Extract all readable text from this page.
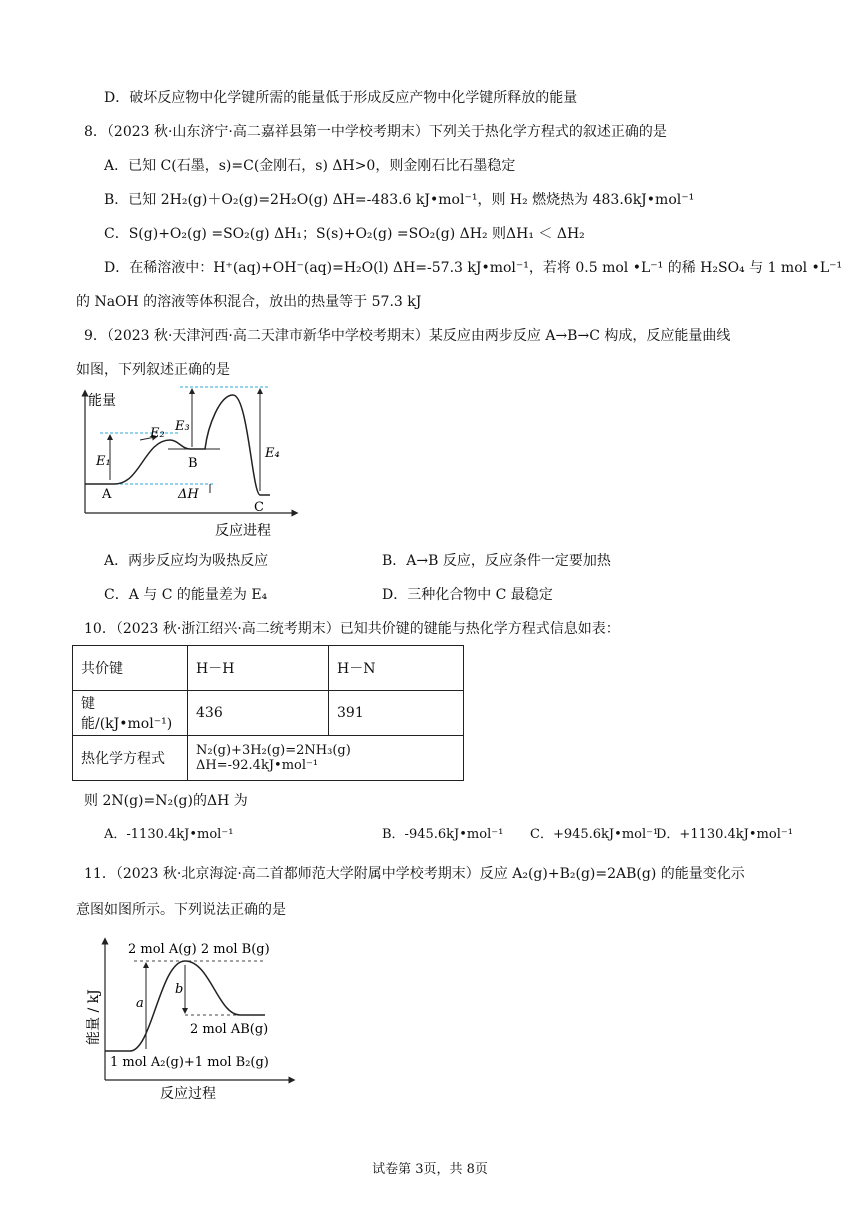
D．破坏反应物中化学键所需的能量低于形成反应产物中化学键所释放的能量
8．（2023 秋·山东济宁·高二嘉祥县第一中学校考期末）下列关于热化学方程式的叙述正确的是
A．已知 C(石墨，s)=C(金刚石，s) ΔH>0，则金刚石比石墨稳定
B．已知 2H₂(g)＋O₂(g)=2H₂O(g) ΔH=-483.6 kJ•mol⁻¹，则 H₂ 燃烧热为 483.6kJ•mol⁻¹
C．S(g)+O₂(g) =SO₂(g) ΔH₁；S(s)+O₂(g) =SO₂(g) ΔH₂ 则ΔH₁ ＜ ΔH₂
D．在稀溶液中：H⁺(aq)+OH⁻(aq)=H₂O(l) ΔH=-57.3 kJ•mol⁻¹，若将 0.5 mol •L⁻¹ 的稀 H₂SO₄ 与 1 mol •L⁻¹
的 NaOH 的溶液等体积混合，放出的热量等于 57.3 kJ
9．（2023 秋·天津河西·高二天津市新华中学校考期末）某反应由两步反应 A→B→C 构成，反应能量曲线
如图，下列叙述正确的是
能量
反应进程
E₁
E₂ E₃
E₄
ΔH
A
B
C
A．两步反应均为吸热反应	B．A→B 反应，反应条件一定要加热
C．A 与 C 的能量差为 E₄	D．三种化合物中 C 最稳定
10．（2023 秋·浙江绍兴·高二统考期末）已知共价键的键能与热化学方程式信息如表：
共价键	H－H	H－N
键能/(kJ•mol⁻¹)	436	391
热化学方程式	N₂(g)+3H₂(g)=2NH₃(g) ΔH=-92.4kJ•mol⁻¹	
则 2N(g)=N₂(g)的ΔH 为
A．-1130.4kJ•mol⁻¹	B．-945.6kJ•mol⁻¹ C．+945.6kJ•mol⁻¹
D．+1130.4kJ•mol⁻¹
11．（2023 秋·北京海淀·高二首都师范大学附属中学校考期末）反应 A₂(g)+B₂(g)=2AB(g) 的能量变化示
意图如图所示。下列说法正确的是
能量 / kJ
反应过程
2 mol A(g) 2 mol B(g)
2 mol AB(g)
1 mol A₂(g)+1 mol B₂(g)
a
b
试卷第 3页，共 8页
